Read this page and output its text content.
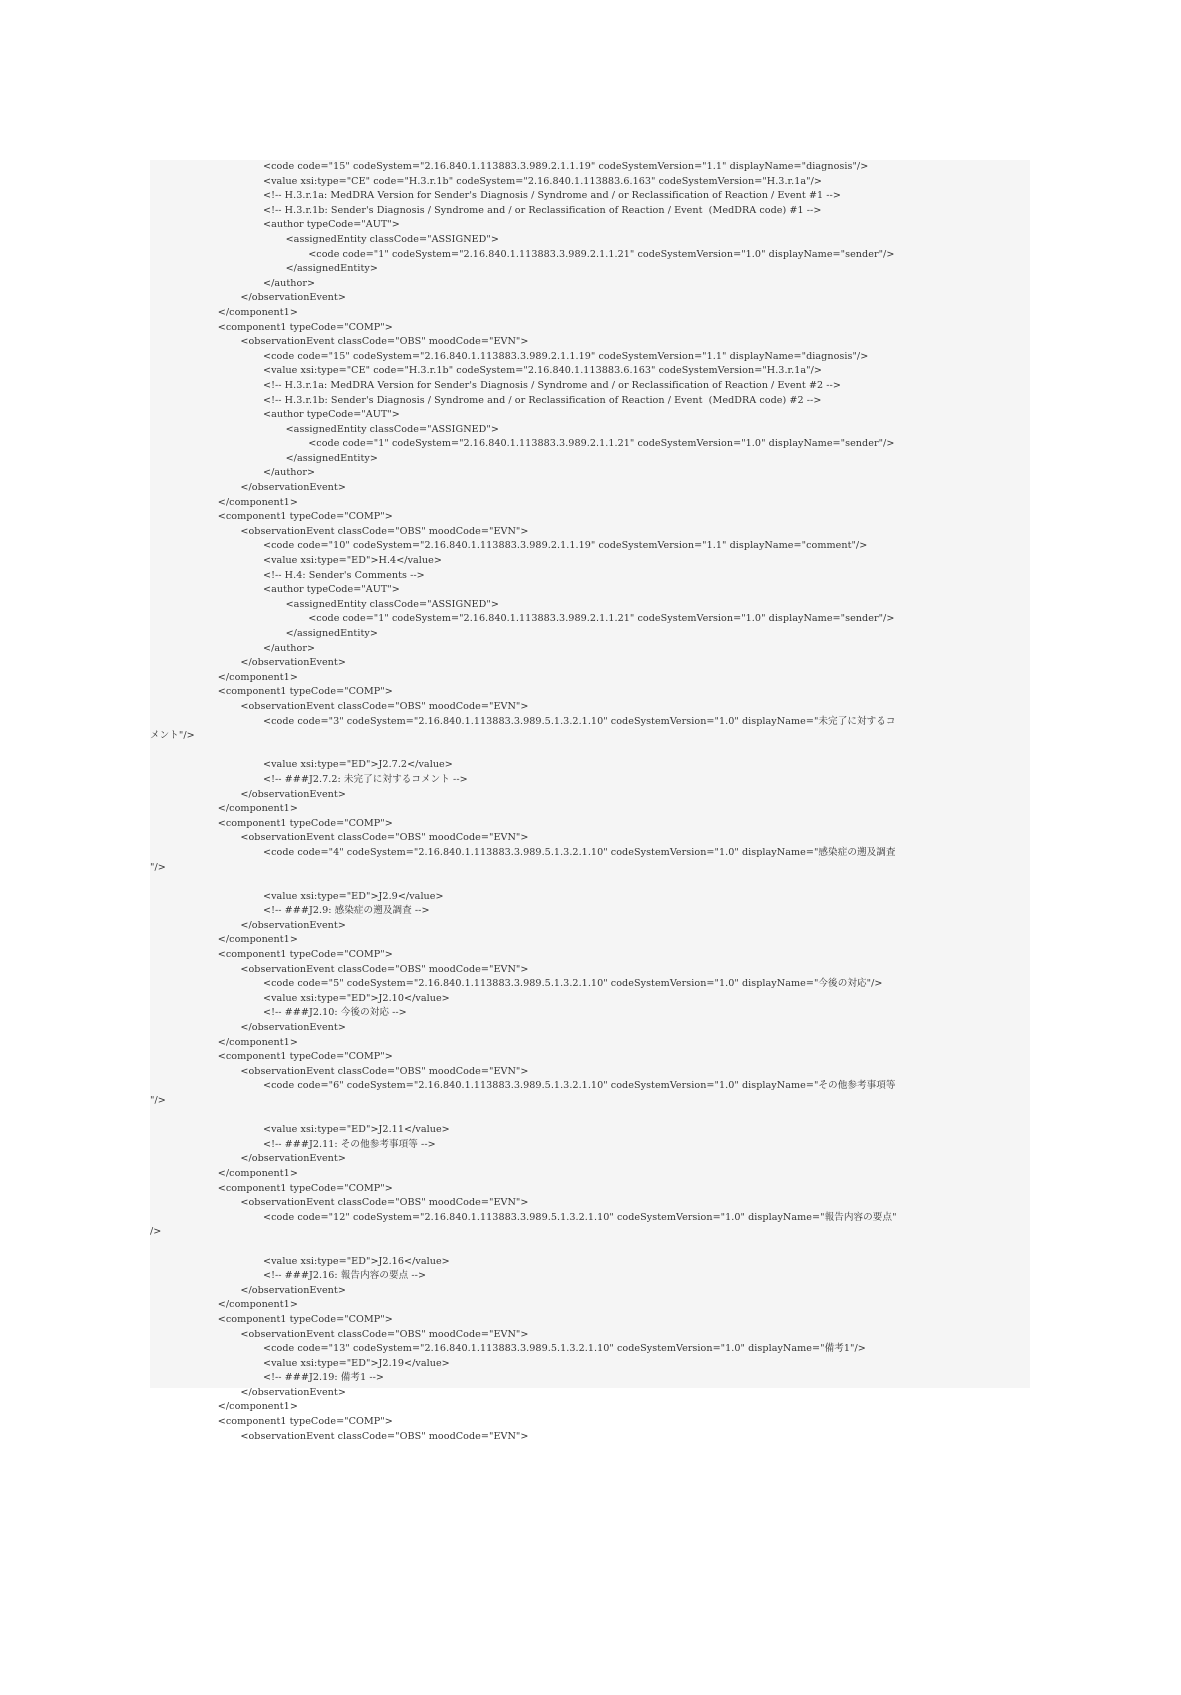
<code code="15" codeSystem="2.16.840.1.113883.3.989.2.1.1.19" codeSystemVersion="1.1" displayName="diagnosis"/>
<value xsi:type="CE" code="H.3.r.1b" codeSystem="2.16.840.1.113883.6.163" codeSystemVersion="H.3.r.1a"/>
<!-- H.3.r.1a: MedDRA Version for Sender's Diagnosis / Syndrome and / or Reclassification of Reaction / Event #1 -->
<!-- H.3.r.1b: Sender's Diagnosis / Syndrome and / or Reclassification of Reaction / Event  (MedDRA code) #1 -->
<author typeCode="AUT">
<assignedEntity classCode="ASSIGNED">
<code code="1" codeSystem="2.16.840.1.113883.3.989.2.1.1.21" codeSystemVersion="1.0" displayName="sender"/>
</assignedEntity>
</author>
</observationEvent>
</component1>
<component1 typeCode="COMP">
<observationEvent classCode="OBS" moodCode="EVN">
<code code="15" codeSystem="2.16.840.1.113883.3.989.2.1.1.19" codeSystemVersion="1.1" displayName="diagnosis"/>
<value xsi:type="CE" code="H.3.r.1b" codeSystem="2.16.840.1.113883.6.163" codeSystemVersion="H.3.r.1a"/>
<!-- H.3.r.1a: MedDRA Version for Sender's Diagnosis / Syndrome and / or Reclassification of Reaction / Event #2 -->
<!-- H.3.r.1b: Sender's Diagnosis / Syndrome and / or Reclassification of Reaction / Event  (MedDRA code) #2 -->
<author typeCode="AUT">
<assignedEntity classCode="ASSIGNED">
<code code="1" codeSystem="2.16.840.1.113883.3.989.2.1.1.21" codeSystemVersion="1.0" displayName="sender"/>
</assignedEntity>
</author>
</observationEvent>
</component1>
<component1 typeCode="COMP">
<observationEvent classCode="OBS" moodCode="EVN">
<code code="10" codeSystem="2.16.840.1.113883.3.989.2.1.1.19" codeSystemVersion="1.1" displayName="comment"/>
<value xsi:type="ED">H.4</value>
<!-- H.4: Sender's Comments -->
<author typeCode="AUT">
<assignedEntity classCode="ASSIGNED">
<code code="1" codeSystem="2.16.840.1.113883.3.989.2.1.1.21" codeSystemVersion="1.0" displayName="sender"/>
</assignedEntity>
</author>
</observationEvent>
</component1>
<component1 typeCode="COMP">
<observationEvent classCode="OBS" moodCode="EVN">
<code code="3" codeSystem="2.16.840.1.113883.3.989.5.1.3.2.1.10" codeSystemVersion="1.0" displayName="未完了に対するコ
メント"/>
<value xsi:type="ED">J2.7.2</value>
<!-- ###J2.7.2: 未完了に対するコメント -->
</observationEvent>
</component1>
<component1 typeCode="COMP">
<observationEvent classCode="OBS" moodCode="EVN">
<code code="4" codeSystem="2.16.840.1.113883.3.989.5.1.3.2.1.10" codeSystemVersion="1.0" displayName="感染症の遡及調査
"/>
<value xsi:type="ED">J2.9</value>
<!-- ###J2.9: 感染症の遡及調査 -->
</observationEvent>
</component1>
<component1 typeCode="COMP">
<observationEvent classCode="OBS" moodCode="EVN">
<code code="5" codeSystem="2.16.840.1.113883.3.989.5.1.3.2.1.10" codeSystemVersion="1.0" displayName="今後の対応"/>
<value xsi:type="ED">J2.10</value>
<!-- ###J2.10: 今後の対応 -->
</observationEvent>
</component1>
<component1 typeCode="COMP">
<observationEvent classCode="OBS" moodCode="EVN">
<code code="6" codeSystem="2.16.840.1.113883.3.989.5.1.3.2.1.10" codeSystemVersion="1.0" displayName="その他参考事項等
"/>
<value xsi:type="ED">J2.11</value>
<!-- ###J2.11: その他参考事項等 -->
</observationEvent>
</component1>
<component1 typeCode="COMP">
<observationEvent classCode="OBS" moodCode="EVN">
<code code="12" codeSystem="2.16.840.1.113883.3.989.5.1.3.2.1.10" codeSystemVersion="1.0" displayName="報告内容の要点"
/>
<value xsi:type="ED">J2.16</value>
<!-- ###J2.16: 報告内容の要点 -->
</observationEvent>
</component1>
<component1 typeCode="COMP">
<observationEvent classCode="OBS" moodCode="EVN">
<code code="13" codeSystem="2.16.840.1.113883.3.989.5.1.3.2.1.10" codeSystemVersion="1.0" displayName="備考1"/>
<value xsi:type="ED">J2.19</value>
<!-- ###J2.19: 備考1 -->
</observationEvent>
</component1>
<component1 typeCode="COMP">
<observationEvent classCode="OBS" moodCode="EVN">
